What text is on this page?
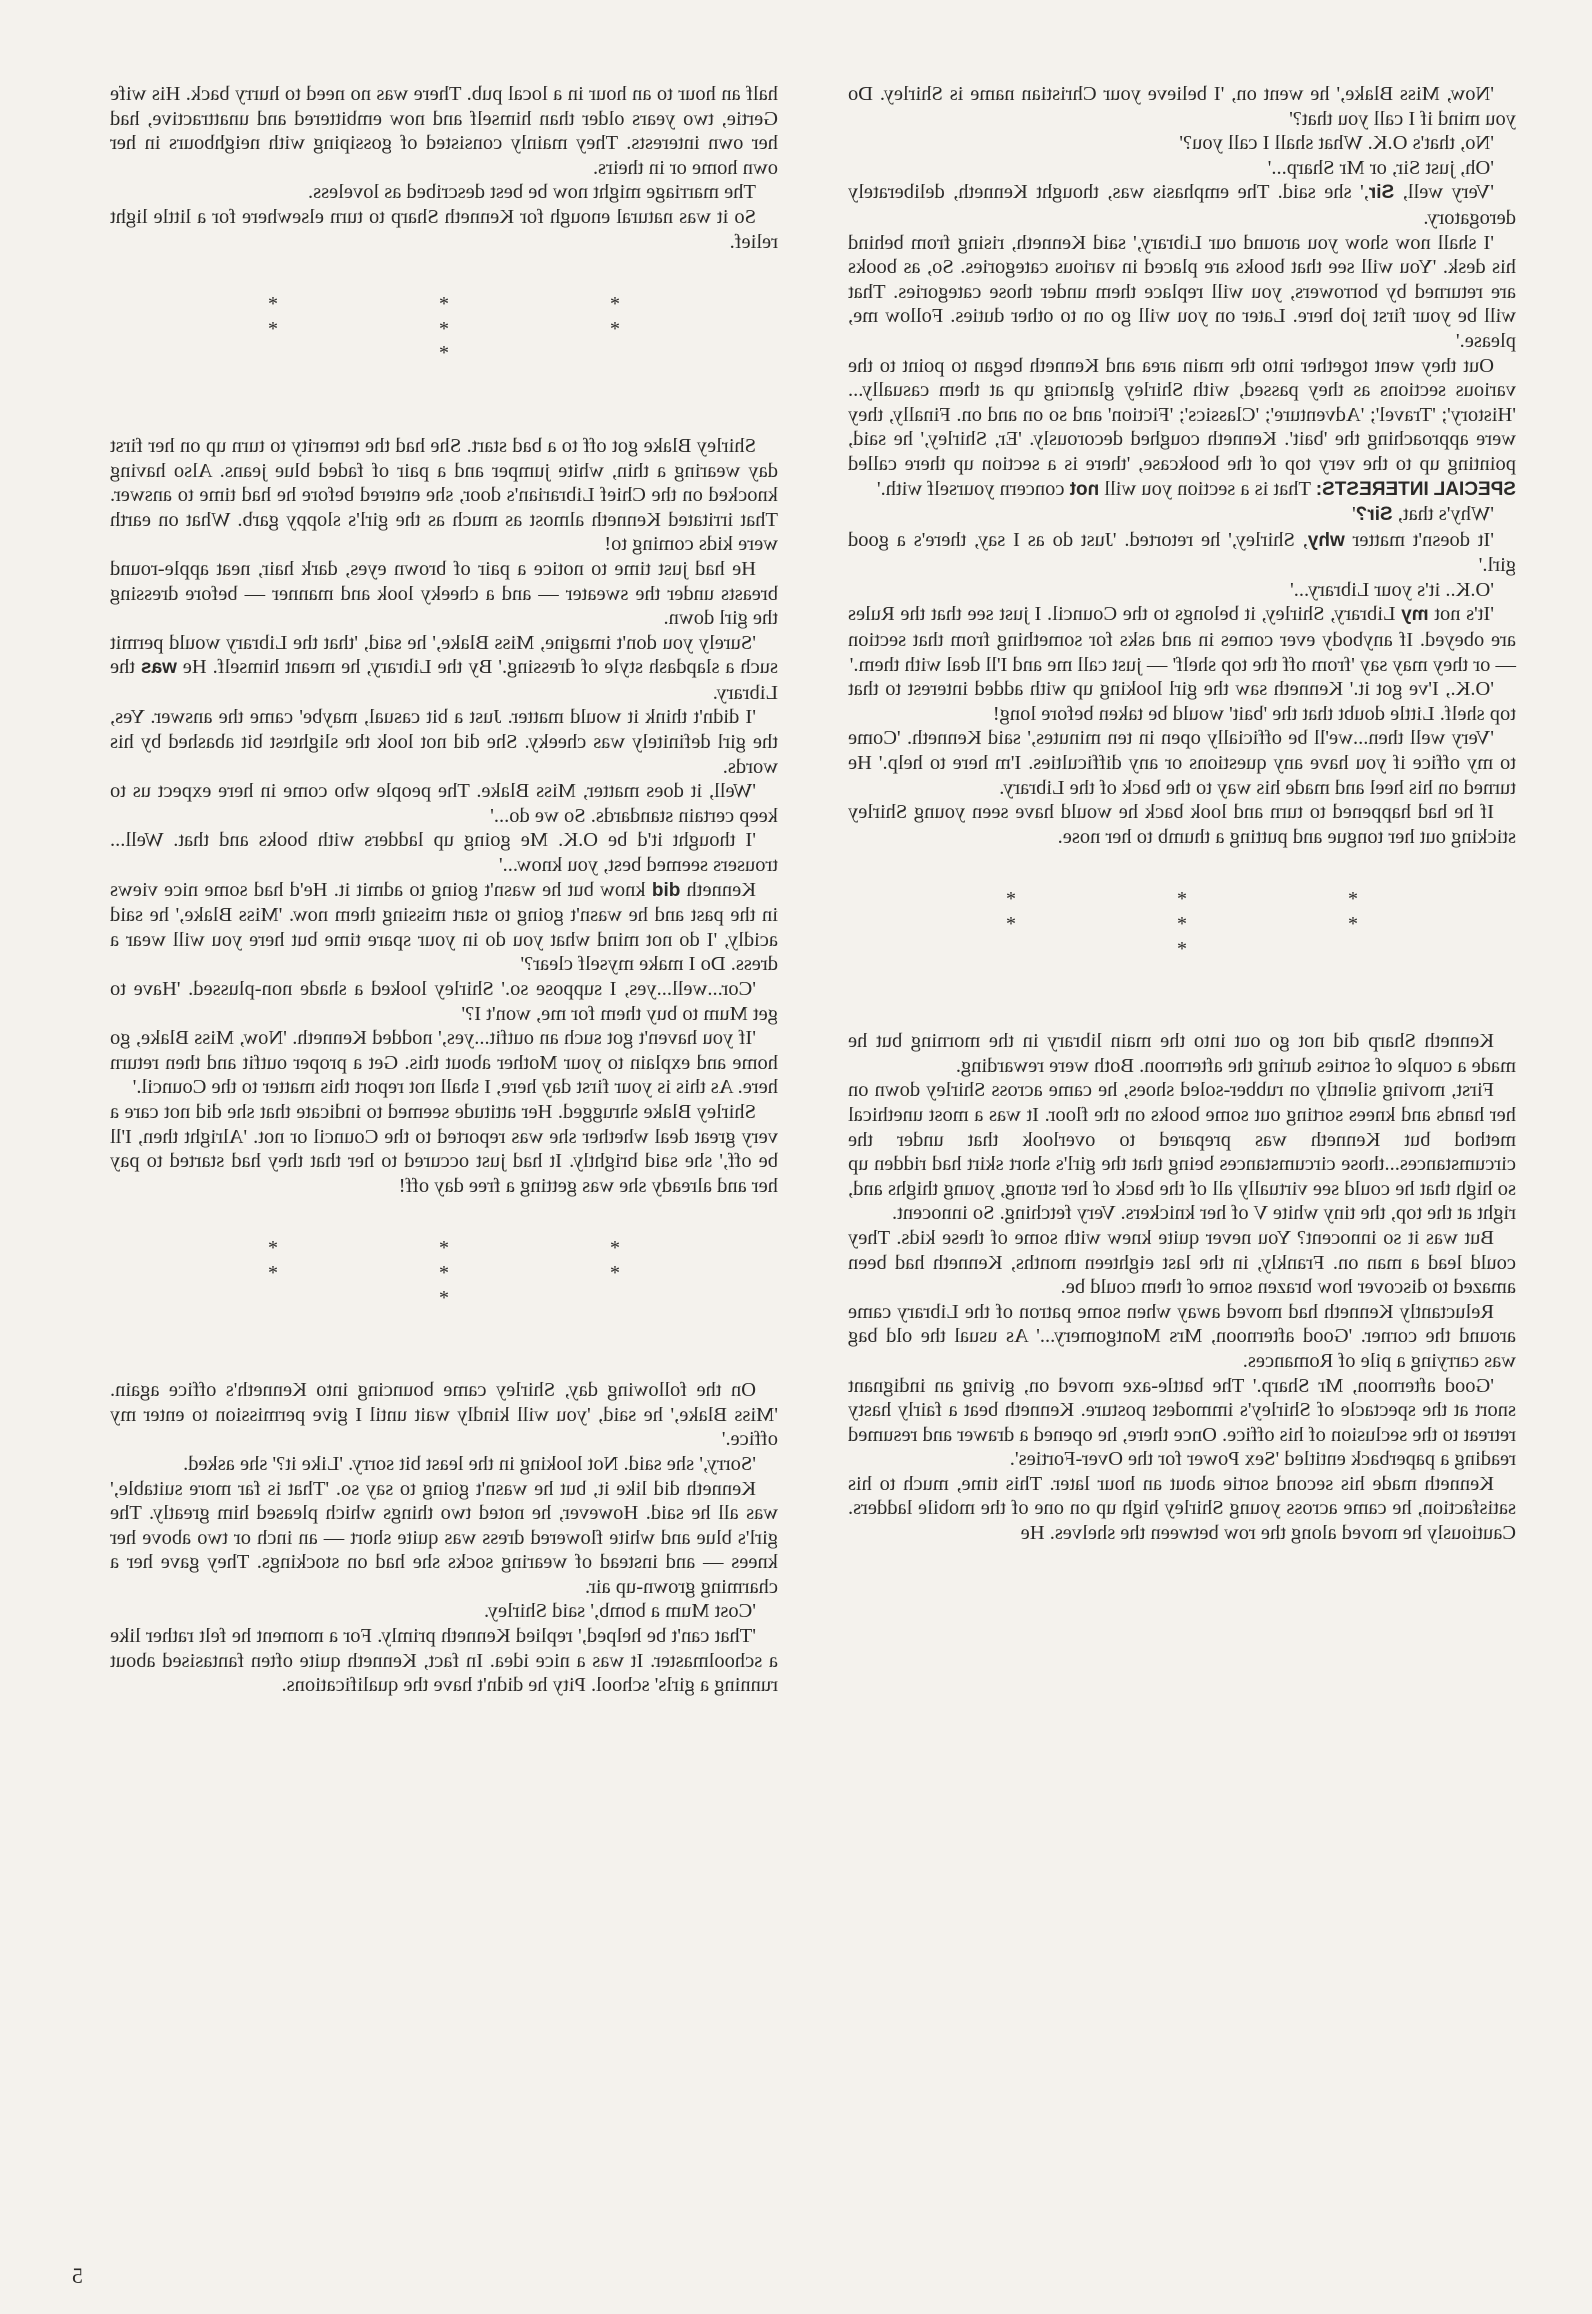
half an hour to an hour in a local pub. There was no need to hurry back. His wife Gertie, two years older than himself and now embittered and unattractive, had her own interests. They mainly consisted of gossiping with neighbours in her own home or in theirs.

The marriage might now be best described as loveless.

So it was natural enough for Kenneth Sharp to turn elsewhere for a little light relief.

* * * * * * *

Shirley Blake got off to a bad start. She had the temerity to turn up on her first day wearing a thin, white jumper and a pair of faded blue jeans. Also having knocked on the Chief Librarian's door, she entered before he had time to answer. That irritated Kenneth almost as much as the girl's sloppy garb. What on earth were kids coming to!

He had just time to notice a pair of brown eyes, dark hair, neat apple-round breasts under the sweater — and a cheeky look and manner — before dressing the girl down.

'Surely you don't imagine, Miss Blake,' he said, 'that the Library would permit such a slapdash style of dressing.' By the Library, he meant himself. He was the Library.

'I didn't think it would matter. Just a bit casual, maybe' came the answer. Yes, the girl definitely was cheeky. She did not look the slightest bit abashed by his words.

'Well, it does matter, Miss Blake. The people who come in here expect us to keep certain standards. So we do...'

'I thought it'd be O.K. Me going up ladders with books and that. Well... trousers seemed best, you know...'

Kenneth did know but he wasn't going to admit it. He'd had some nice views in the past and he wasn't going to start missing them now. 'Miss Blake,' he said acidly, 'I do not mind what you do in your spare time but here you will wear a dress. Do I make myself clear?'

'Cor...well...yes, I suppose so.' Shirley looked a shade non-plussed. 'Have to get Mum to buy them for me, won't I?'

'If you haven't got such an outfit...yes,' nodded Kenneth. 'Now, Miss Blake, go home and explain to your Mother about this. Get a proper outfit and then return here. As this is your first day here, I shall not report this matter to the Council.'

Shirley Blake shrugged. Her attitude seemed to indicate that she did not care a very great deal whether she was reported to the Council or not. 'Alright then, I'll be off,' she said brightly. It had just occured to her that they had started to pay her and already she was getting a free day off!

* * * * * * *

On the following day, Shirley came bouncing into Kenneth's office again. 'Miss Blake,' he said, 'you will kindly wait until I give permission to enter my office.'

'Sorry,' she said. Not looking in the least bit sorry. 'Like it?' she asked.

Kenneth did like it, but he wasn't going to say so. 'That is far more suitable,' was all he said. However, he noted two things which pleased him greatly. The girl's blue and white flowered dress was quite short — an inch or two above her knees — and instead of wearing socks she had on stockings. They gave her a charming grown-up air.

'Cost Mum a bomb,' said Shirley.

'That can't be helped,' replied Kenneth primly. For a moment he felt rather like a schoolmaster. It was a nice idea. In fact, Kenneth quite often fantasised about running a girls' school. Pity he didn't have the qualifications.

'Now, Miss Blake,' he went on, 'I believe your Christian name is Shirley. Do you mind if I call you that?'

'No, that's O.K. What shall I call you?'

'Oh, just Sir, or Mr Sharp...'

'Very well, Sir,' she said. The emphasis was, thought Kenneth, deliberately derogatory.

'I shall now show you around our Library,' said Kenneth, rising from behind his desk. 'You will see that books are placed in various categories. So, as books are returned by borrowers, you will replace them under those categories. That will be your first job here. Later on you will go on to other duties. Follow me, please.'

Out they went together into the main area and Kenneth began to point to the various sections as they passed, with Shirley glancing up at them casually... 'History'; 'Travel'; 'Adventure'; 'Classics'; 'Fiction' and so on and on. Finally, they were approaching the 'bait'. Kenneth coughed decorously. 'Er, Shirley,' he said, pointing up to the very top of the bookcase, 'there is a section up there called SPECIAL INTERESTS: That is a section you will not concern yourself with.'

'Why's that, Sir?'

'It doesn't matter why, Shirley,' he retorted. 'Just do as I say, there's a good girl.'

'O.K.. it's your Library...'

'It's not my Library, Shirley, it belongs to the Council. I just see that the Rules are obeyed. If anybody ever comes in and asks for something from that section — or they may say 'from off the top shelf' — just call me and I'll deal with them.'

'O.K., I've got it.' Kenneth saw the girl looking up with added interest to that top shelf. Little doubt that the 'bait' would be taken before long!

'Very well then...we'll be officially open in ten minutes,' said Kenneth. 'Come to my office if you have any questions or any difficulties. I'm here to help.' He turned on his heel and made his way to the back of the Library.

If he had happened to turn and look back he would have seen young Shirley sticking out her tongue and putting a thumb to her nose.

* * * * * * *

Kenneth Sharp did not go out into the main library in the morning but he made a couple of sorties during the afternoon. Both were rewarding.

First, moving silently on rubber-soled shoes, he came across Shirley down on her hands and knees sorting out some books on the floor. It was a most unethical method but Kenneth was prepared to overlook that under the circumstances...those circumstances being that the girl's short skirt had ridden up so high that he could see virtually all of the back of her strong, young thighs and, right at the top, the tiny white V of her knickers. Very fetching. So innocent.

But was it so innocent? You never quite knew with some of these kids. They could lead a man on. Frankly, in the last eighteen months, Kenneth had been amazed to discover how brazen some of them could be.

Reluctantly Kenneth had moved away when some patron of the Library came around the corner. 'Good afternoon, Mrs Montgomery...' As usual the old bag was carrying a pile of Romances.

'Good afternoon, Mr Sharp.' The battle-axe moved on, giving an indignant snort at the spectacle of Shirley's immodest posture. Kenneth beat a fairly hasty retreat to the seclusion of his office. Once there, he opened a drawer and resumed reading a paperback entitled 'Sex Power for the Over-Forties'.

Kenneth made his second sortie about an hour later. This time, much to his satisfaction, he came across young Shirley high up on one of the mobile ladders. Cautiously he moved along the row between the shelves. He

5
